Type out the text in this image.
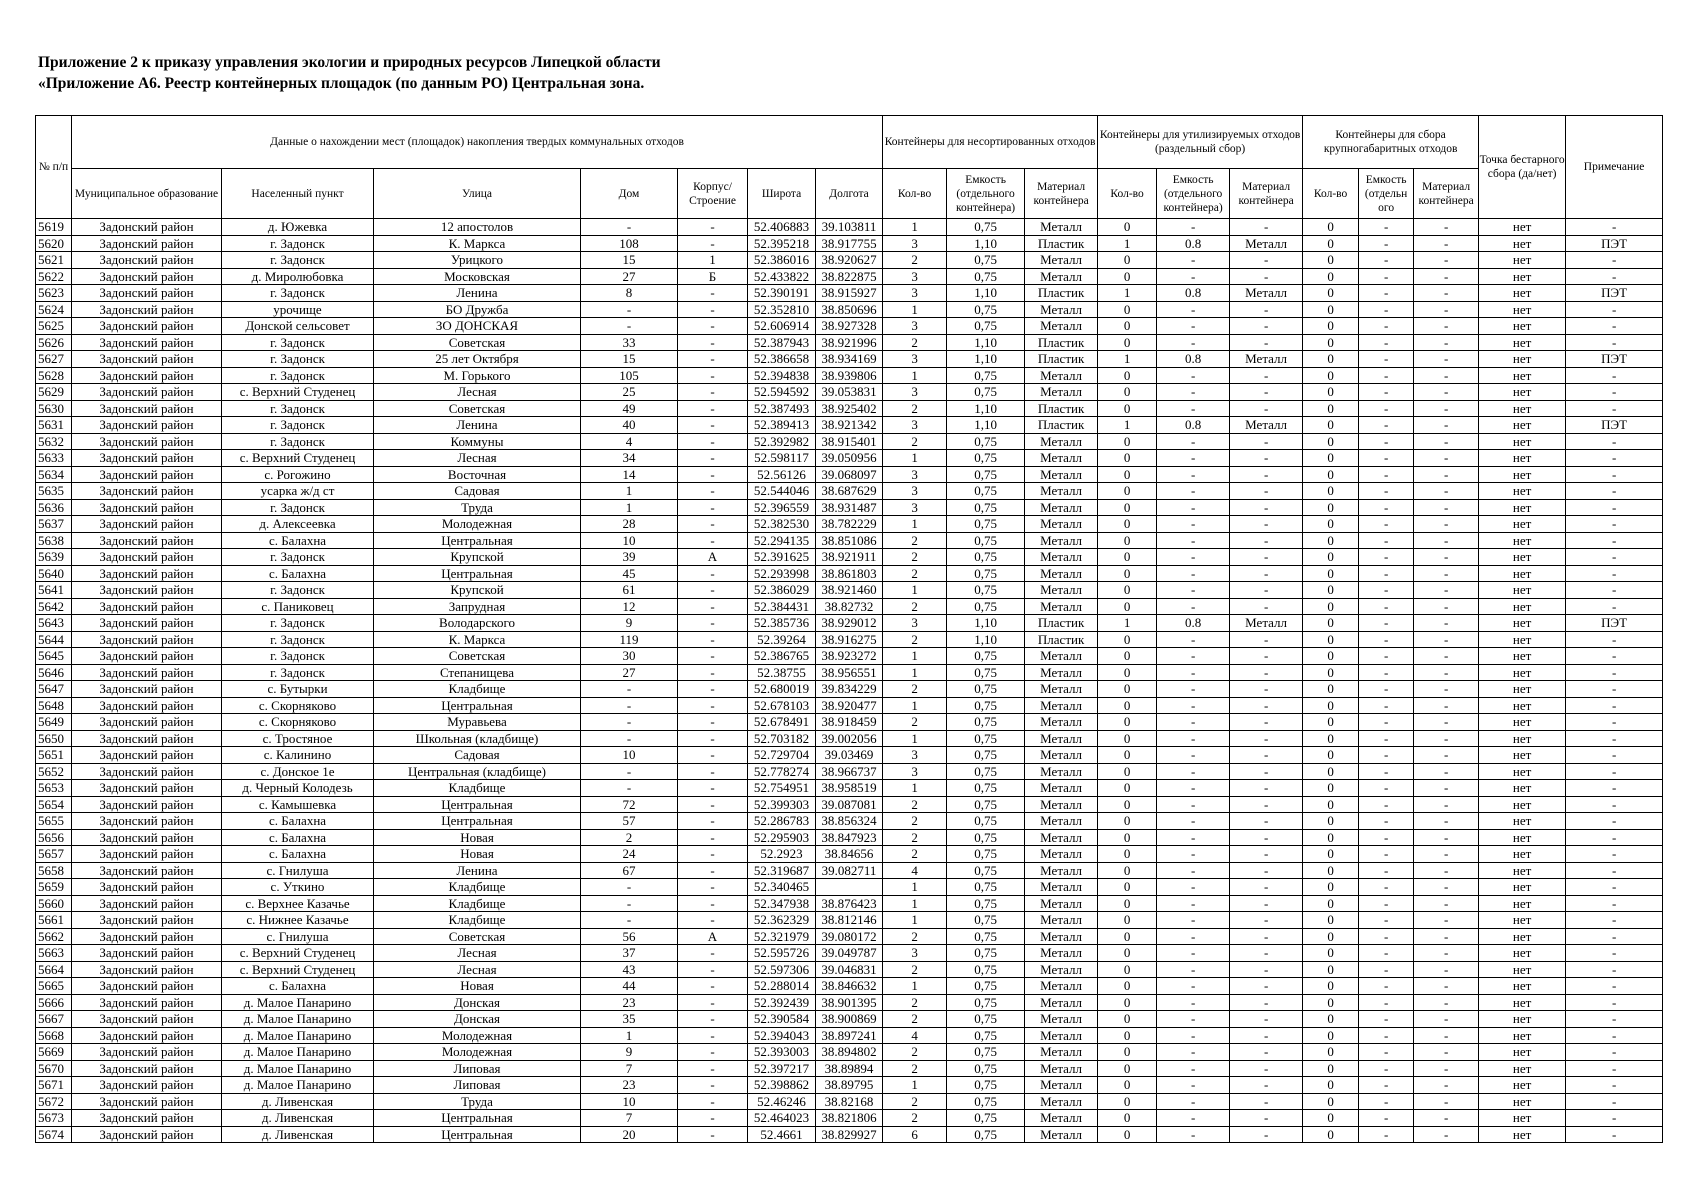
Приложение 2 к приказу управления экологии и природных ресурсов Липецкой области
«Приложение А6. Реестр контейнерных площадок (по данным РО) Центральная зона.
№ п/п	Данные о нахождении мест (площадок) накопления твердых коммунальных отходов							Контейнеры для несортированных отходов			Контейнеры для утилизируемых отходов (раздельный сбор)			Контейнеры для сбора крупногабаритных отходов			Точка бестарного сбора (да/нет)	Примечание
	Муниципальное образование	Населенный пункт	Улица	Дом	Корпус/ Строение	Широта	Долгота	Кол-во	Емкость (отдельного контейнера)	Материал контейнера	Кол-во	Емкость (отдельного контейнера)	Материал контейнера	Кол-во	Емкость (отдельн ого	Материал контейнера		
5619	Задонский район	д. Южевка	12 апостолов	-	-	52.406883	39.103811	1	0,75	Металл	0	-	-	0	-	-	нет	-
5620	Задонский район	г. Задонск	К. Маркса	108	-	52.395218	38.917755	3	1,10	Пластик	1	0.8	Металл	0	-	-	нет	ПЭТ
5621	Задонский район	г. Задонск	Урицкого	15	1	52.386016	38.920627	2	0,75	Металл	0	-	-	0	-	-	нет	-
5622	Задонский район	д. Миролюбовка	Московская	27	Б	52.433822	38.822875	3	0,75	Металл	0	-	-	0	-	-	нет	-
5623	Задонский район	г. Задонск	Ленина	8	-	52.390191	38.915927	3	1,10	Пластик	1	0.8	Металл	0	-	-	нет	ПЭТ
5624	Задонский район	урочище	БО Дружба	-	-	52.352810	38.850696	1	0,75	Металл	0	-	-	0	-	-	нет	-
5625	Задонский район	Донской сельсовет	ЗО ДОНСКАЯ	-	-	52.606914	38.927328	3	0,75	Металл	0	-	-	0	-	-	нет	-
5626	Задонский район	г. Задонск	Советская	33	-	52.387943	38.921996	2	1,10	Пластик	0	-	-	0	-	-	нет	-
5627	Задонский район	г. Задонск	25 лет Октября	15	-	52.386658	38.934169	3	1,10	Пластик	1	0.8	Металл	0	-	-	нет	ПЭТ
5628	Задонский район	г. Задонск	М. Горького	105	-	52.394838	38.939806	1	0,75	Металл	0	-	-	0	-	-	нет	-
5629	Задонский район	с. Верхний Студенец	Лесная	25	-	52.594592	39.053831	3	0,75	Металл	0	-	-	0	-	-	нет	-
5630	Задонский район	г. Задонск	Советская	49	-	52.387493	38.925402	2	1,10	Пластик	0	-	-	0	-	-	нет	-
5631	Задонский район	г. Задонск	Ленина	40	-	52.389413	38.921342	3	1,10	Пластик	1	0.8	Металл	0	-	-	нет	ПЭТ
5632	Задонский район	г. Задонск	Коммуны	4	-	52.392982	38.915401	2	0,75	Металл	0	-	-	0	-	-	нет	-
5633	Задонский район	с. Верхний Студенец	Лесная	34	-	52.598117	39.050956	1	0,75	Металл	0	-	-	0	-	-	нет	-
5634	Задонский район	с. Рогожино	Восточная	14	-	52.56126	39.068097	3	0,75	Металл	0	-	-	0	-	-	нет	-
5635	Задонский район	усарка ж/д ст	Садовая	1	-	52.544046	38.687629	3	0,75	Металл	0	-	-	0	-	-	нет	-
5636	Задонский район	г. Задонск	Труда	1	-	52.396559	38.931487	3	0,75	Металл	0	-	-	0	-	-	нет	-
5637	Задонский район	д. Алексеевка	Молодежная	28	-	52.382530	38.782229	1	0,75	Металл	0	-	-	0	-	-	нет	-
5638	Задонский район	с. Балахна	Центральная	10	-	52.294135	38.851086	2	0,75	Металл	0	-	-	0	-	-	нет	-
5639	Задонский район	г. Задонск	Крупской	39	А	52.391625	38.921911	2	0,75	Металл	0	-	-	0	-	-	нет	-
5640	Задонский район	с. Балахна	Центральная	45	-	52.293998	38.861803	2	0,75	Металл	0	-	-	0	-	-	нет	-
5641	Задонский район	г. Задонск	Крупской	61	-	52.386029	38.921460	1	0,75	Металл	0	-	-	0	-	-	нет	-
5642	Задонский район	с. Паниковец	Запрудная	12	-	52.384431	38.82732	2	0,75	Металл	0	-	-	0	-	-	нет	-
5643	Задонский район	г. Задонск	Володарского	9	-	52.385736	38.929012	3	1,10	Пластик	1	0.8	Металл	0	-	-	нет	ПЭТ
5644	Задонский район	г. Задонск	К. Маркса	119	-	52.39264	38.916275	2	1,10	Пластик	0	-	-	0	-	-	нет	-
5645	Задонский район	г. Задонск	Советская	30	-	52.386765	38.923272	1	0,75	Металл	0	-	-	0	-	-	нет	-
5646	Задонский район	г. Задонск	Степанищева	27	-	52.38755	38.956551	1	0,75	Металл	0	-	-	0	-	-	нет	-
5647	Задонский район	с. Бутырки	Кладбище	-	-	52.680019	39.834229	2	0,75	Металл	0	-	-	0	-	-	нет	-
5648	Задонский район	с. Скорняково	Центральная	-	-	52.678103	38.920477	1	0,75	Металл	0	-	-	0	-	-	нет	-
5649	Задонский район	с. Скорняково	Муравьева	-	-	52.678491	38.918459	2	0,75	Металл	0	-	-	0	-	-	нет	-
5650	Задонский район	с. Тростяное	Школьная (кладбище)	-	-	52.703182	39.002056	1	0,75	Металл	0	-	-	0	-	-	нет	-
5651	Задонский район	с. Калинино	Садовая	10	-	52.729704	39.03469	3	0,75	Металл	0	-	-	0	-	-	нет	-
5652	Задонский район	с. Донское 1е	Центральная (кладбище)	-	-	52.778274	38.966737	3	0,75	Металл	0	-	-	0	-	-	нет	-
5653	Задонский район	д. Черный Колодезь	Кладбище	-	-	52.754951	38.958519	1	0,75	Металл	0	-	-	0	-	-	нет	-
5654	Задонский район	с. Камышевка	Центральная	72	-	52.399303	39.087081	2	0,75	Металл	0	-	-	0	-	-	нет	-
5655	Задонский район	с. Балахна	Центральная	57	-	52.286783	38.856324	2	0,75	Металл	0	-	-	0	-	-	нет	-
5656	Задонский район	с. Балахна	Новая	2	-	52.295903	38.847923	2	0,75	Металл	0	-	-	0	-	-	нет	-
5657	Задонский район	с. Балахна	Новая	24	-	52.2923	38.84656	2	0,75	Металл	0	-	-	0	-	-	нет	-
5658	Задонский район	с. Гнилуша	Ленина	67	-	52.319687	39.082711	4	0,75	Металл	0	-	-	0	-	-	нет	-
5659	Задонский район	с. Уткино	Кладбище	-	-	52.340465		1	0,75	Металл	0	-	-	0	-	-	нет	-
5660	Задонский район	с. Верхнее Казачье	Кладбище	-	-	52.347938	38.876423	1	0,75	Металл	0	-	-	0	-	-	нет	-
5661	Задонский район	с. Нижнее Казачье	Кладбище	-	-	52.362329	38.812146	1	0,75	Металл	0	-	-	0	-	-	нет	-
5662	Задонский район	с. Гнилуша	Советская	56	А	52.321979	39.080172	2	0,75	Металл	0	-	-	0	-	-	нет	-
5663	Задонский район	с. Верхний Студенец	Лесная	37	-	52.595726	39.049787	3	0,75	Металл	0	-	-	0	-	-	нет	-
5664	Задонский район	с. Верхний Студенец	Лесная	43	-	52.597306	39.046831	2	0,75	Металл	0	-	-	0	-	-	нет	-
5665	Задонский район	с. Балахна	Новая	44	-	52.288014	38.846632	1	0,75	Металл	0	-	-	0	-	-	нет	-
5666	Задонский район	д. Малое Панарино	Донская	23	-	52.392439	38.901395	2	0,75	Металл	0	-	-	0	-	-	нет	-
5667	Задонский район	д. Малое Панарино	Донская	35	-	52.390584	38.900869	2	0,75	Металл	0	-	-	0	-	-	нет	-
5668	Задонский район	д. Малое Панарино	Молодежная	1	-	52.394043	38.897241	4	0,75	Металл	0	-	-	0	-	-	нет	-
5669	Задонский район	д. Малое Панарино	Молодежная	9	-	52.393003	38.894802	2	0,75	Металл	0	-	-	0	-	-	нет	-
5670	Задонский район	д. Малое Панарино	Липовая	7	-	52.397217	38.89894	2	0,75	Металл	0	-	-	0	-	-	нет	-
5671	Задонский район	д. Малое Панарино	Липовая	23	-	52.398862	38.89795	1	0,75	Металл	0	-	-	0	-	-	нет	-
5672	Задонский район	д. Ливенская	Труда	10	-	52.46246	38.82168	2	0,75	Металл	0	-	-	0	-	-	нет	-
5673	Задонский район	д. Ливенская	Центральная	7	-	52.464023	38.821806	2	0,75	Металл	0	-	-	0	-	-	нет	-
5674	Задонский район	д. Ливенская	Центральная	20	-	52.4661	38.829927	6	0,75	Металл	0	-	-	0	-	-	нет	-
